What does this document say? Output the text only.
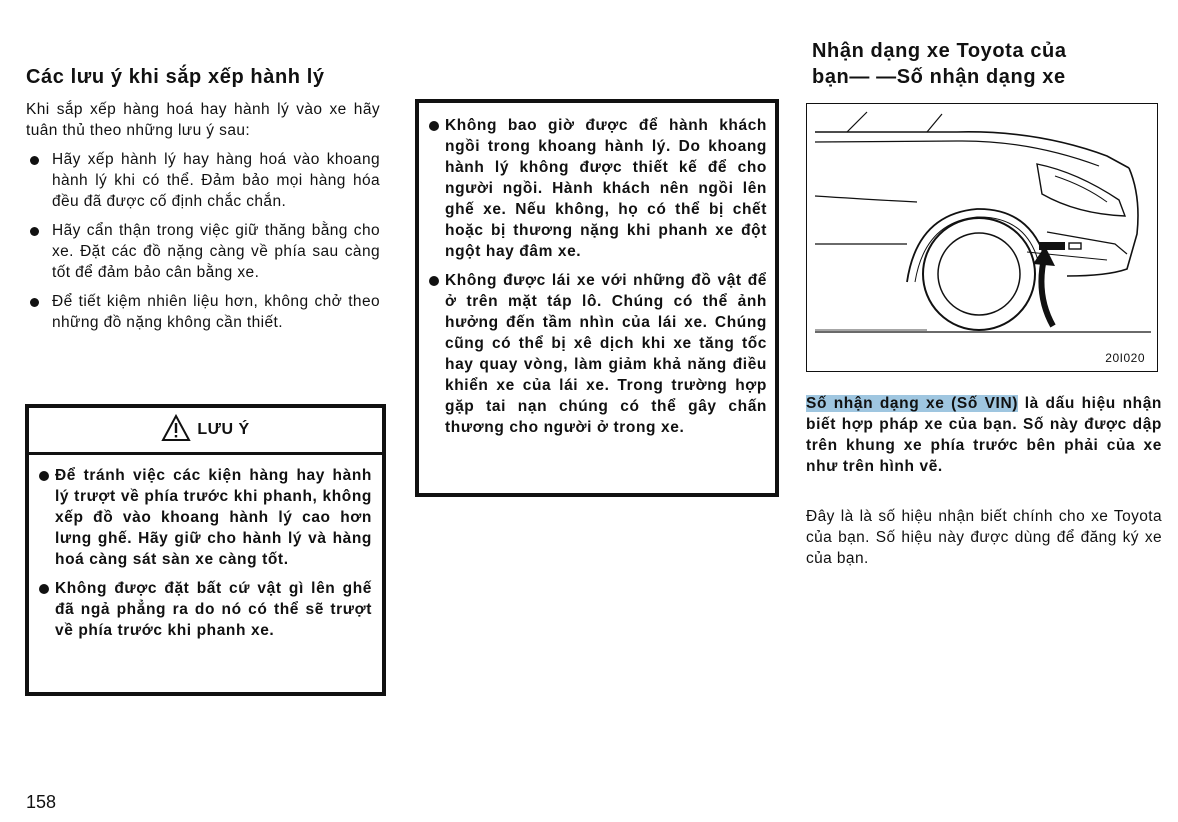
Các lưu ý khi sắp xếp hành lý
Khi sắp xếp hàng hoá hay hành lý vào xe hãy tuân thủ theo những lưu ý sau:
Hãy xếp hành lý hay hàng hoá vào khoang hành lý khi có thể. Đảm bảo mọi hàng hóa đều đã được cố định chắc chắn.
Hãy cẩn thận trong việc giữ thăng bằng cho xe. Đặt các đồ nặng càng về phía sau càng tốt để đảm bảo cân bằng xe.
Để tiết kiệm nhiên liệu hơn, không chở theo những đồ nặng không cần thiết.
LƯU Ý
Để tránh việc các kiện hàng hay hành lý trượt về phía trước khi phanh, không xếp đồ vào khoang hành lý cao hơn lưng ghế. Hãy giữ cho hành lý và hàng hoá càng sát sàn xe càng tốt.
Không được đặt bất cứ vật gì lên ghế đã ngả phẳng ra do nó có thể sẽ trượt về phía trước khi phanh xe.
Không bao giờ được để hành khách ngồi trong khoang hành lý. Do khoang hành lý không được thiết kế để cho người ngồi. Hành khách nên ngồi lên ghế xe. Nếu không, họ có thể bị chết hoặc bị thương nặng khi phanh xe đột ngột hay đâm xe.
Không được lái xe với những đồ vật để ở trên mặt táp lô. Chúng có thể ảnh hưởng đến tầm nhìn của lái xe. Chúng cũng có thể bị xê dịch khi xe tăng tốc hay quay vòng, làm giảm khả năng điều khiển xe của lái xe. Trong trường hợp gặp tai nạn chúng có thể gây chấn thương cho người ở trong xe.
Nhận dạng xe Toyota của
bạn— —Số nhận dạng xe
20I020
Số nhận dạng xe (Số VIN) là dấu hiệu nhận biết hợp pháp xe của bạn. Số này được dập trên khung xe phía trước bên phải của xe như trên hình vẽ.
Đây là là số hiệu nhận biết chính cho xe Toyota của bạn. Số hiệu này được dùng để đăng ký xe của bạn.
158
